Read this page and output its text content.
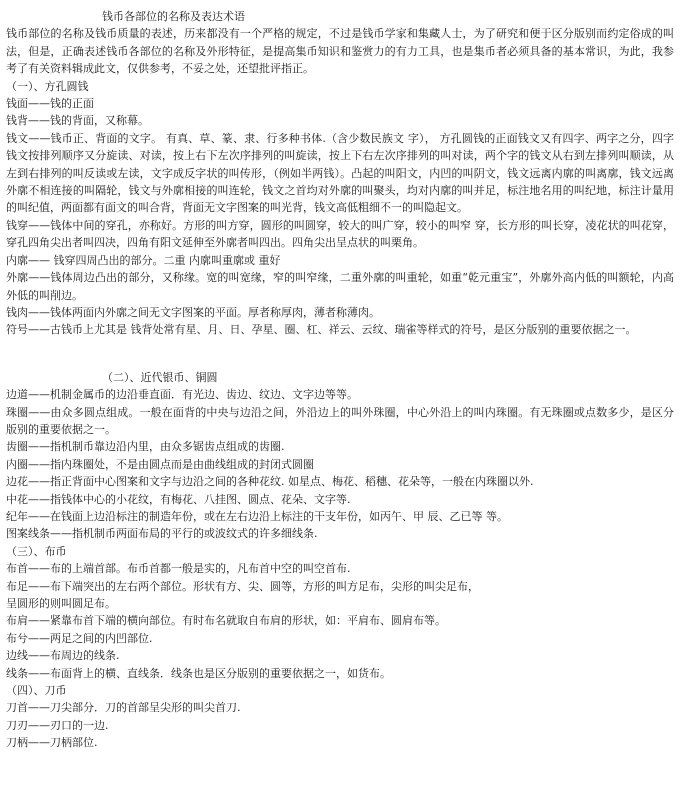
钱币各部位的名称及表达术语
钱币部位的名称及钱币质量的表述，历来都没有一个严格的规定，不过是钱币学家和集藏人士，为了研究和便于区分版别而约定俗成的叫法，但是，正确表述钱币各部位的名称及外形特征，是提高集币知识和鉴赏力的有力工具，也是集币者必须具备的基本常识，为此，我参考了有关资料辑成此文，仅供参考，不妥之处，还望批评指正。
（一）、方孔圆钱
钱面——钱的正面
钱背——钱的背面，又称幕。
钱文——钱币正、背面的文字。 有真、草、篆、隶、行多种书体.（含少数民族文 字）， 方孔圆钱的正面钱文又有四字、两字之分，四字钱文按排列顺序又分旋读、对读，按上右下左次序排列的叫旋读，按上下右左次序排列的叫对读，两个字的钱文从右到左排列叫顺读，从左到右排列的叫反读或左读，文字成反字状的叫传形，（例如半两钱）。凸起的叫阳文，内凹的叫阴文，钱文远离内廓的叫离廓，钱文远离外廓不相连接的叫隔轮，钱文与外廓相接的叫连轮，钱文之首均对外廓的叫聚头，均对内廓的叫并足，标注地名用的叫纪地，标注计量用的叫纪值，两面都有面文的叫合背，背面无文字图案的叫光背，钱文高低粗细不一的叫隐起文。
钱穿——钱体中间的穿孔，亦称好。方形的叫方穿，圆形的叫圆穿，较大的叫广穿，较小的叫窄 穿，长方形的叫长穿，凌花状的叫花穿，穿孔四角尖出者叫四决，四角有阳文延伸至外廓者叫四出。四角尖出呈点状的叫栗角。
内廓—— 钱穿四周凸出的部分。二重 内廓叫重廓或 重好
外廓——钱体周边凸出的部分，又称缘。宽的叫宽缘，窄的叫窄缘，二重外廓的叫重轮，如重“乾元重宝”，外廓外高内低的叫额轮，内高外低的叫削边。
钱肉——钱体两面内外廓之间无文字图案的平面。厚者称厚肉，薄者称薄肉。
符号——古钱币上尤其是 钱背处常有星、月、日、孕星、圈、杠、祥云、云纹、瑞雀等样式的符号，是区分版别的重要依据之一。
（二）、近代银币、铜圆
边道——机制金属币的边沿垂直面．有光边、齿边、纹边、文字边等等。
珠圈——由众多圆点组成。一般在面背的中央与边沿之间，外沿边上的叫外珠圈，中心外沿上的叫内珠圈。有无珠圈或点数多少，是区分版别的重要依据之一。
齿圈——指机制币靠边沿内里，由众多锯齿点组成的齿圈.
内圈——指内珠圈处，不是由圆点而是由曲线组成的封闭式圆圈
边花——指正背面中心图案和文字与边沿之间的各种花纹. 如星点、梅花、稻穗、花朵等，一般在内珠圈以外.
中花——指钱体中心的小花纹，有梅花、八挂图、圆点、花朵、文字等.
纪年——在钱面上边沿标注的制造年份，或在左右边沿上标注的干支年份，如丙午、甲 辰、乙已等 等。
图案线条——指机制币两面布局的平行的或波纹式的许多细线条.
（三）、布币
布首——布的上端首部。布币首都一般是实的，凡布首中空的叫空首布.
布足——布下端突出的左右两个部位。形状有方、尖、圆等，方形的叫方足布，尖形的叫尖足布，
呈圆形的则叫圆足布。
布肩——紧靠布首下端的横向部位。有时布名就取自布肩的形状，如：平肩布、圆肩布等。
布兮——两足之间的内凹部位.
边线——布周边的线条.
线条——布面背上的横、直线条．线条也是区分版别的重要依据之一，如货布。
（四）、刀币
刀首——刀尖部分．刀的首部呈尖形的叫尖首刀.
刀刃——刃口的一边.
刀柄——刀柄部位.
